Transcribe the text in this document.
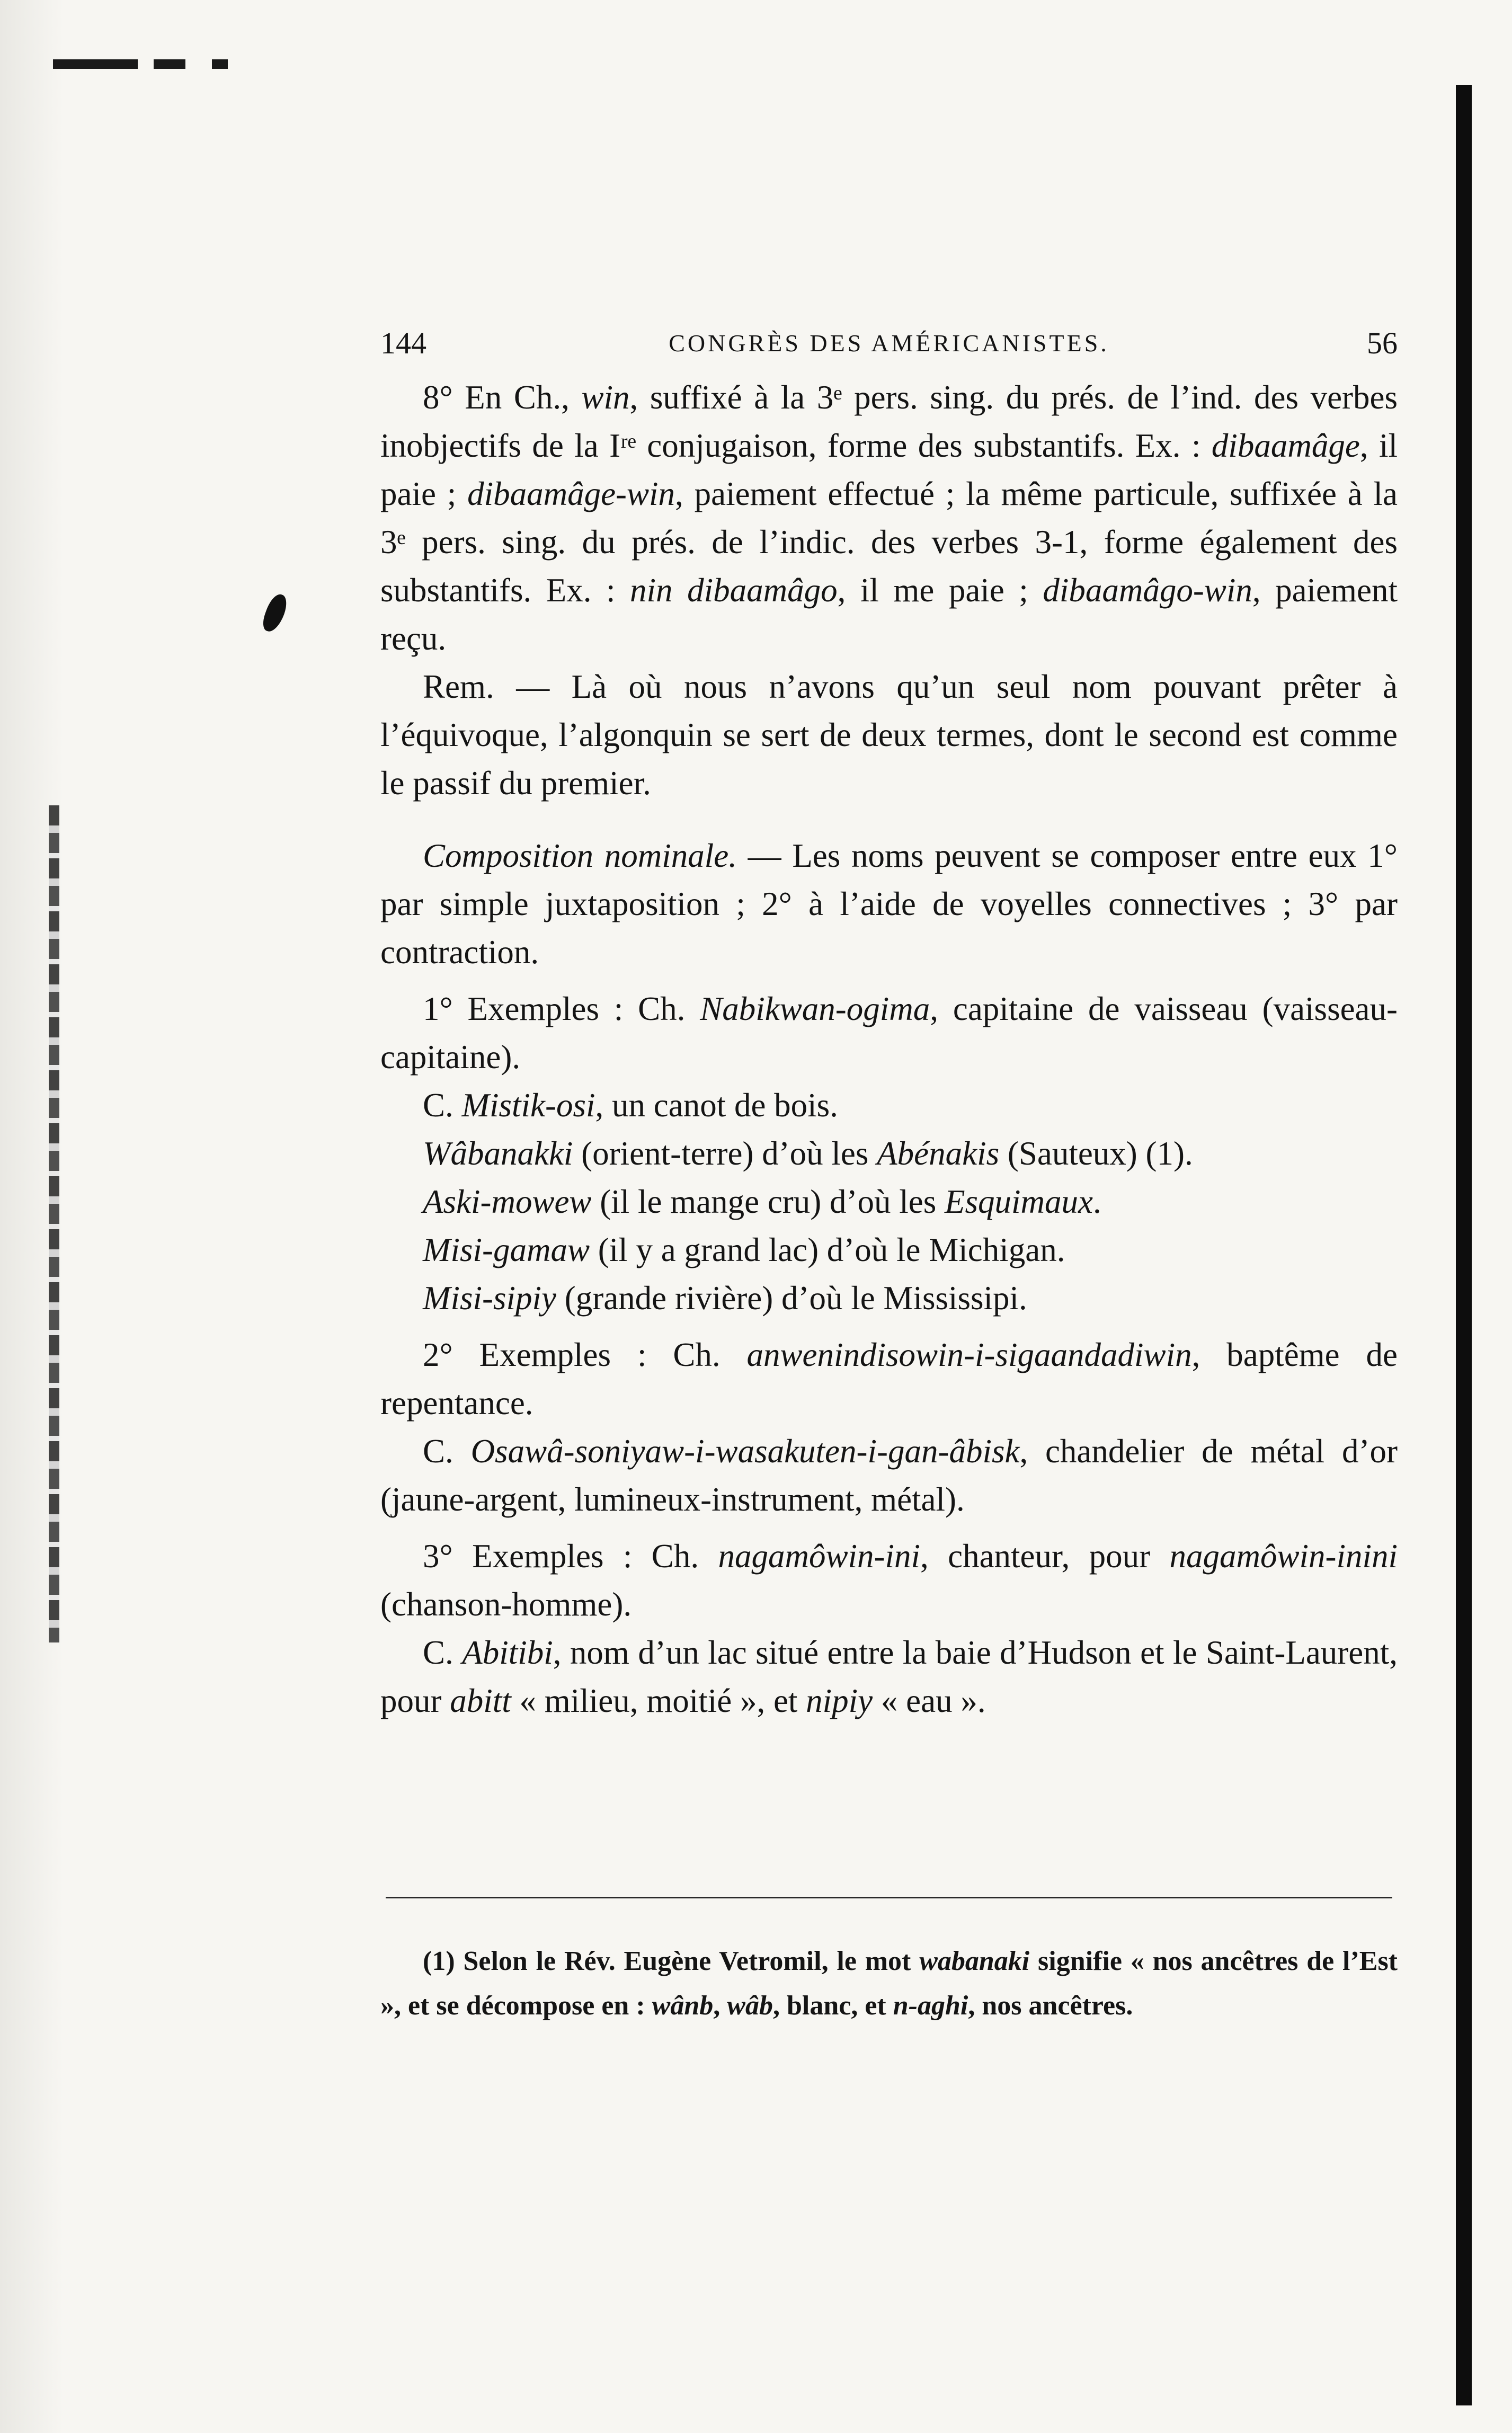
144	CONGRÈS DES AMÉRICANISTES.	56

8° En Ch., win, suffixé à la 3ᵉ pers. sing. du prés. de l’ind. des verbes inobjectifs de la Iʳᵉ conjugaison, forme des substantifs. Ex. : dibaamâge, il paie ; dibaamâge-win, paiement effectué ; la même particule, suffixée à la 3ᵉ pers. sing. du prés. de l’indic. des verbes 3-1, forme également des substantifs. Ex. : nin dibaamâgo, il me paie ; dibaamâgo-win, paiement reçu.

Rem. — Là où nous n’avons qu’un seul nom pouvant prêter à l’équivoque, l’algonquin se sert de deux termes, dont le second est comme le passif du premier.

Composition nominale. — Les noms peuvent se composer entre eux 1° par simple juxtaposition ; 2° à l’aide de voyelles connectives ; 3° par contraction.

1° Exemples : Ch. Nabikwan-ogima, capitaine de vaisseau (vaisseau-capitaine).

C. Mistik-osi, un canot de bois.

Wâbanakki (orient-terre) d’où les Abénakis (Sauteux) (1).

Aski-mowew (il le mange cru) d’où les Esquimaux.

Misi-gamaw (il y a grand lac) d’où le Michigan.

Misi-sipiy (grande rivière) d’où le Mississipi.

2° Exemples : Ch. anwenindisowin-i-sigaandadiwin, baptême de repentance.

C. Osawâ-soniyaw-i-wasakuten-i-gan-âbisk, chandelier de métal d’or (jaune-argent, lumineux-instrument, métal).

3° Exemples : Ch. nagamôwin-ini, chanteur, pour nagamôwin-inini (chanson-homme).

C. Abitibi, nom d’un lac situé entre la baie d’Hudson et le Saint-Laurent, pour abitt « milieu, moitié », et nipiy « eau ».

(1) Selon le Rév. Eugène Vetromil, le mot wabanaki signifie « nos ancêtres de l’Est », et se décompose en : wânb, wâb, blanc, et n-aghi, nos ancêtres.
